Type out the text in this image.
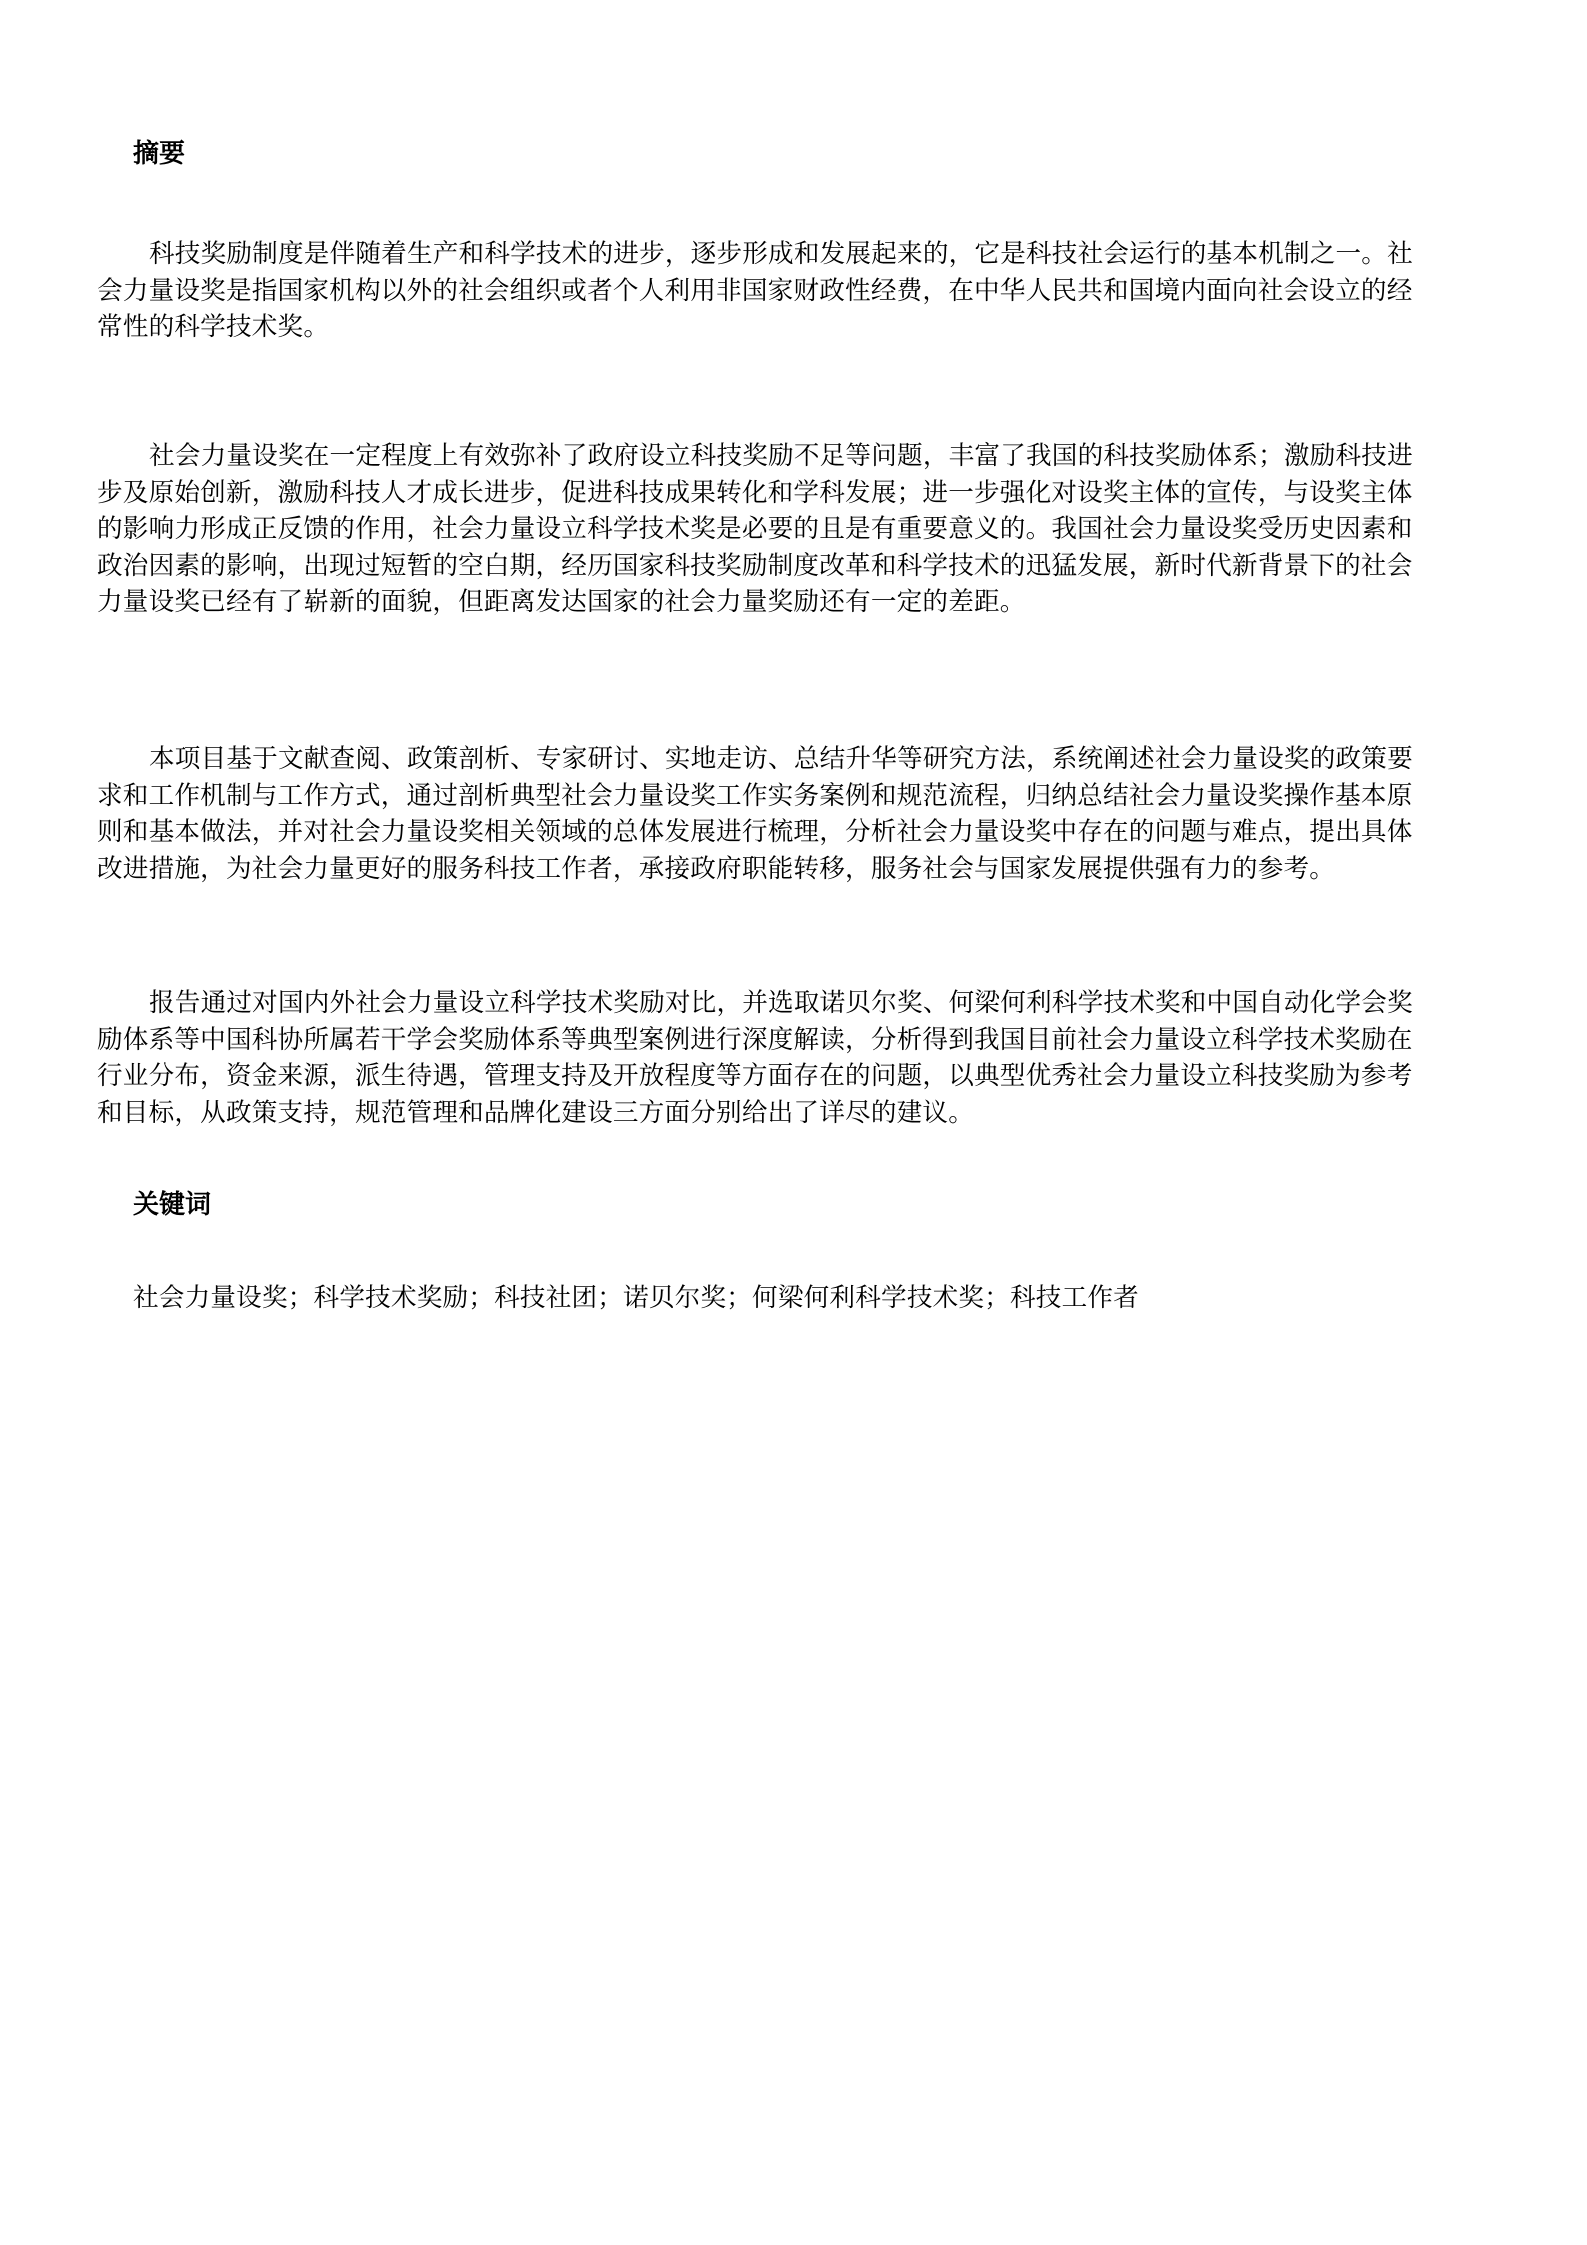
摘要
科技奖励制度是伴随着生产和科学技术的进步，逐步形成和发展起来的，它是科技社会运行的基本机制之一。社
会力量设奖是指国家机构以外的社会组织或者个人利用非国家财政性经费，在中华人民共和国境内面向社会设立的经
常性的科学技术奖。
社会力量设奖在一定程度上有效弥补了政府设立科技奖励不足等问题，丰富了我国的科技奖励体系；激励科技进
步及原始创新，激励科技人才成长进步，促进科技成果转化和学科发展；进一步强化对设奖主体的宣传，与设奖主体
的影响力形成正反馈的作用，社会力量设立科学技术奖是必要的且是有重要意义的。我国社会力量设奖受历史因素和
政治因素的影响，出现过短暂的空白期，经历国家科技奖励制度改革和科学技术的迅猛发展，新时代新背景下的社会
力量设奖已经有了崭新的面貌，但距离发达国家的社会力量奖励还有一定的差距。
本项目基于文献查阅、政策剖析、专家研讨、实地走访、总结升华等研究方法，系统阐述社会力量设奖的政策要
求和工作机制与工作方式，通过剖析典型社会力量设奖工作实务案例和规范流程，归纳总结社会力量设奖操作基本原
则和基本做法，并对社会力量设奖相关领域的总体发展进行梳理，分析社会力量设奖中存在的问题与难点，提出具体
改进措施，为社会力量更好的服务科技工作者，承接政府职能转移，服务社会与国家发展提供强有力的参考。
报告通过对国内外社会力量设立科学技术奖励对比，并选取诺贝尔奖、何梁何利科学技术奖和中国自动化学会奖
励体系等中国科协所属若干学会奖励体系等典型案例进行深度解读，分析得到我国目前社会力量设立科学技术奖励在
行业分布，资金来源，派生待遇，管理支持及开放程度等方面存在的问题，以典型优秀社会力量设立科技奖励为参考
和目标，从政策支持，规范管理和品牌化建设三方面分别给出了详尽的建议。
关键词
社会力量设奖；科学技术奖励；科技社团；诺贝尔奖；何梁何利科学技术奖；科技工作者
